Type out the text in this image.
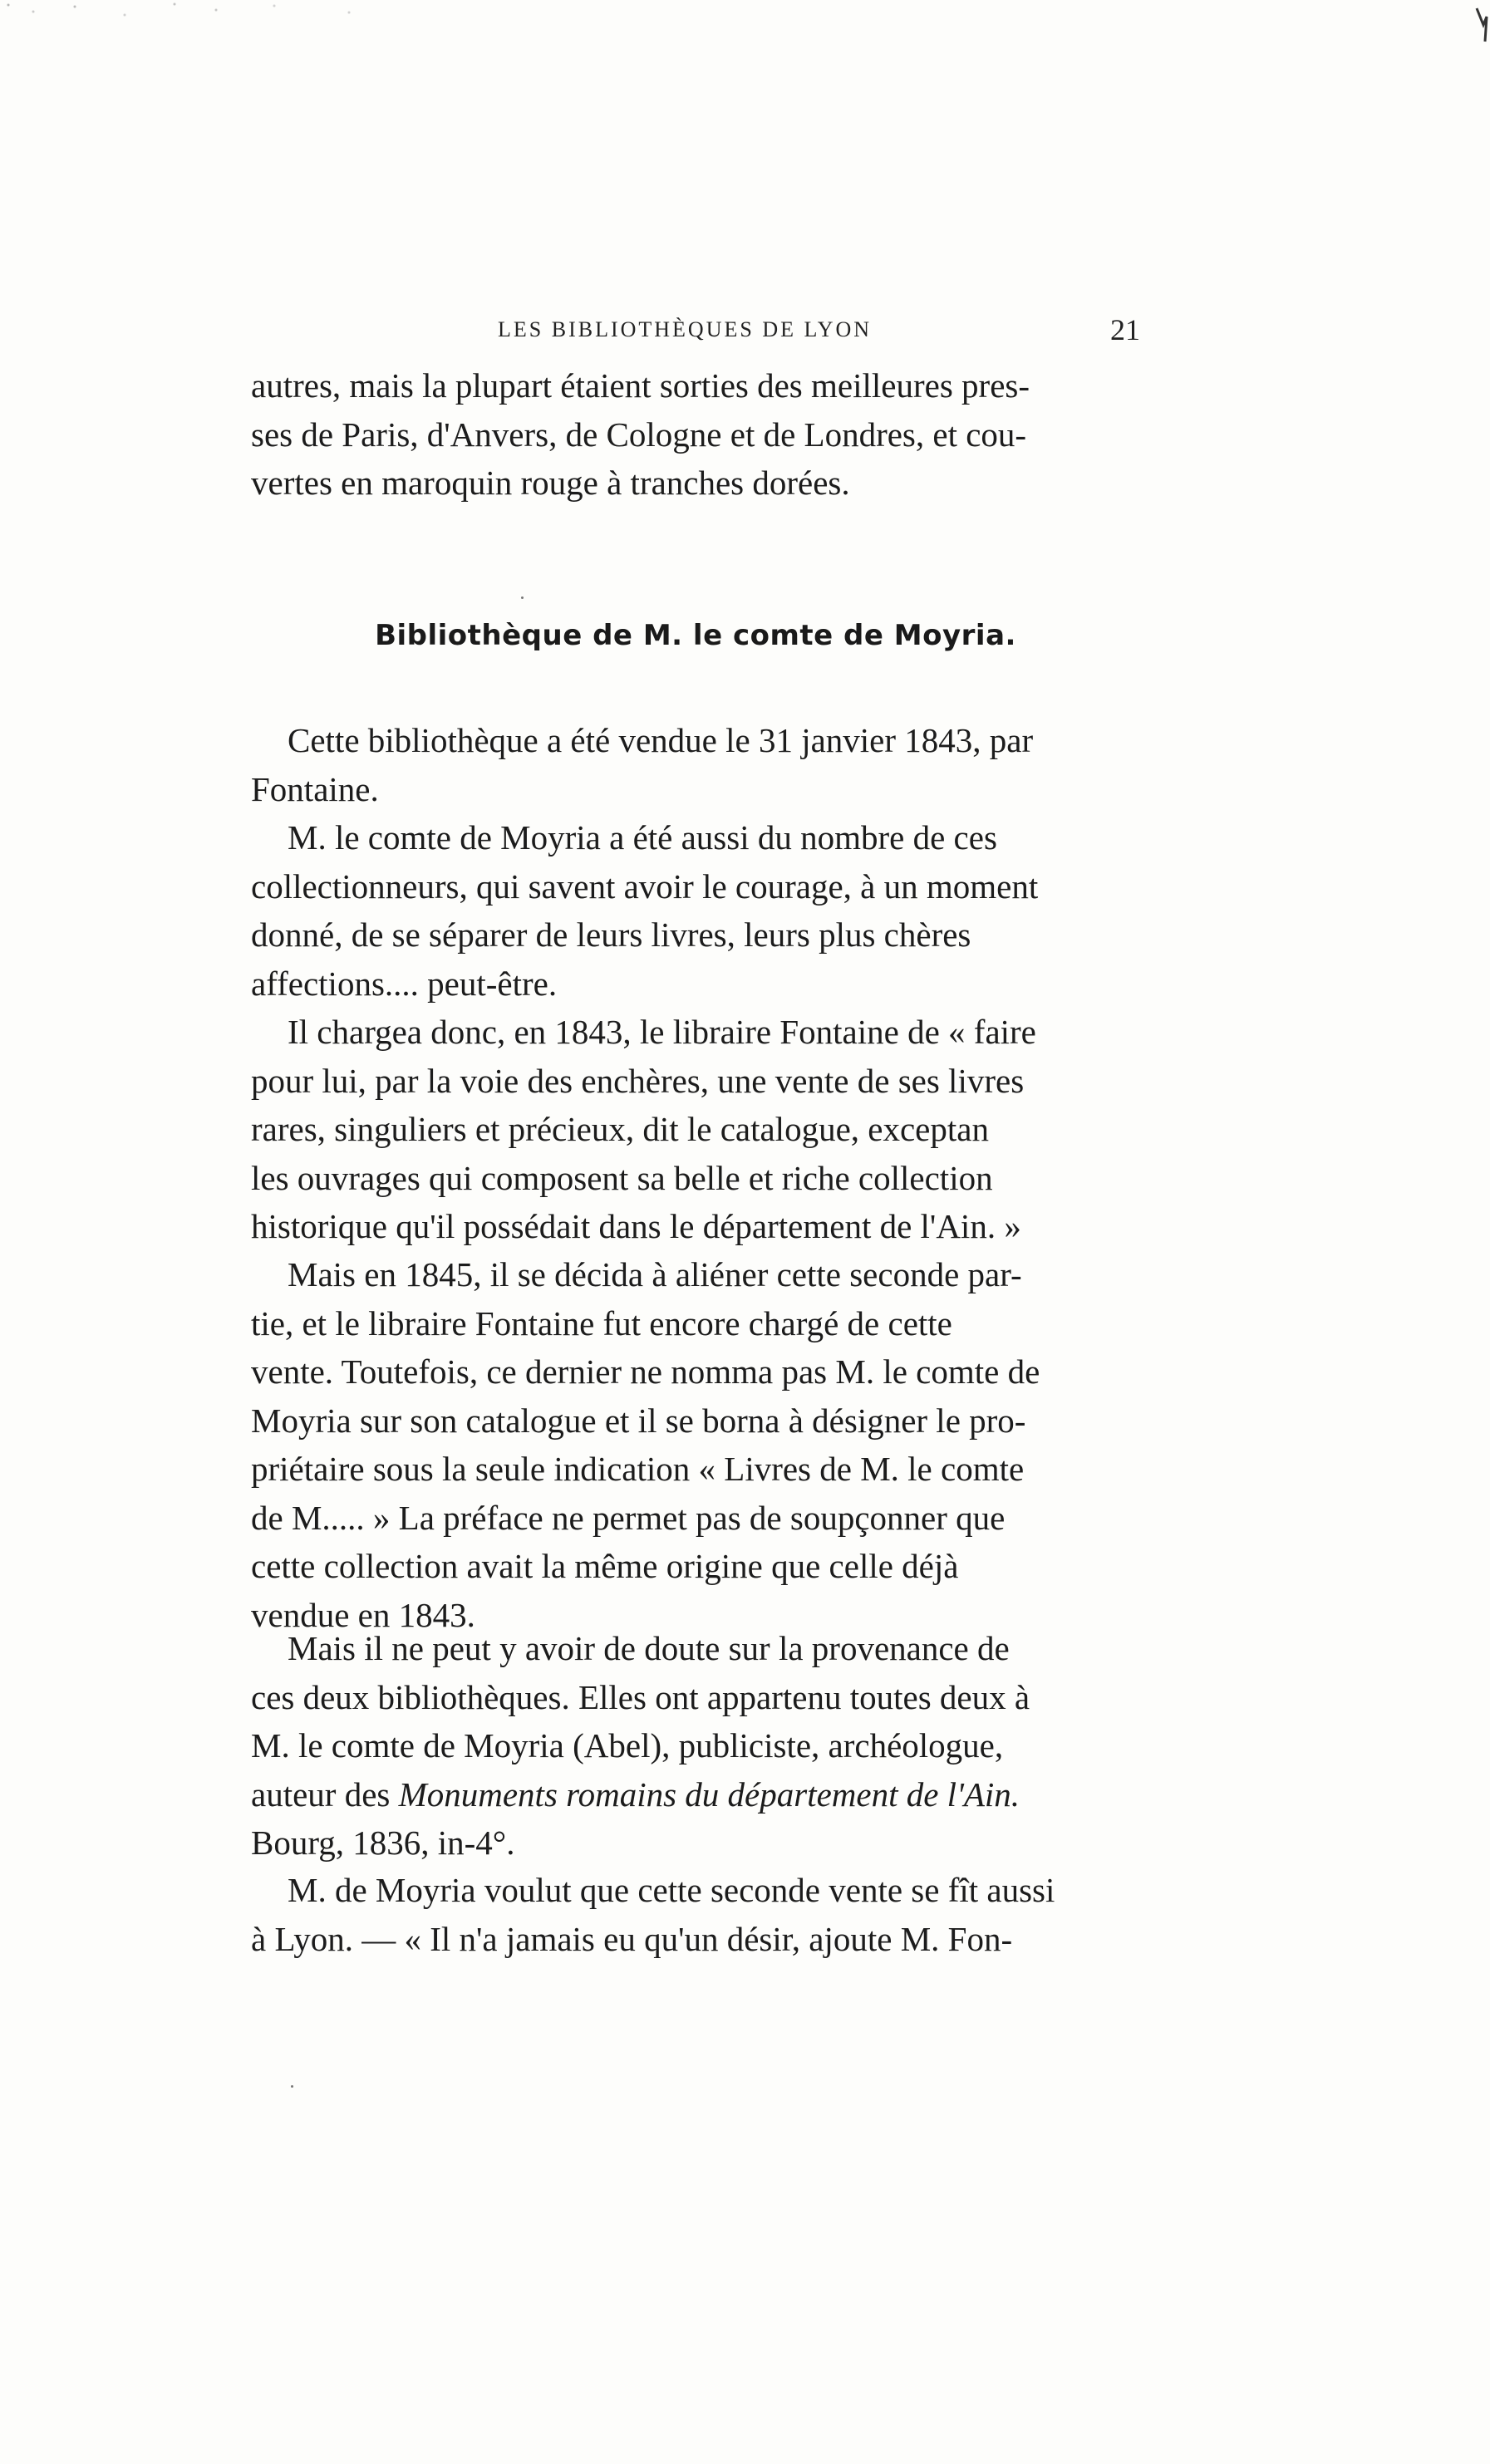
LES BIBLIOTHÈQUES DE LYON	21

autres, mais la plupart étaient sorties des meilleures pres-

ses de Paris, d'Anvers, de Cologne et de Londres, et cou-

vertes en maroquin rouge à tranches dorées.

Bibliothèque de M. le comte de Moyria.

Cette bibliothèque a été vendue le 31 janvier 1843, par

Fontaine.

M. le comte de Moyria a été aussi du nombre de ces

collectionneurs, qui savent avoir le courage, à un moment

donné, de se séparer de leurs livres, leurs plus chères

affections.... peut-être.

Il chargea donc, en 1843, le libraire Fontaine de « faire

pour lui, par la voie des enchères, une vente de ses livres

rares, singuliers et précieux, dit le catalogue, exceptan

les ouvrages qui composent sa belle et riche collection

historique qu'il possédait dans le département de l'Ain. »

Mais en 1845, il se décida à aliéner cette seconde par-

tie, et le libraire Fontaine fut encore chargé de cette

vente. Toutefois, ce dernier ne nomma pas M. le comte de

Moyria sur son catalogue et il se borna à désigner le pro-

priétaire sous la seule indication « Livres de M. le comte

de M..... » La préface ne permet pas de soupçonner que

cette collection avait la même origine que celle déjà

vendue en 1843.

Mais il ne peut y avoir de doute sur la provenance de

ces deux bibliothèques. Elles ont appartenu toutes deux à

M. le comte de Moyria (Abel), publiciste, archéologue,

auteur des Monuments romains du département de l'Ain.

Bourg, 1836, in-4°.

M. de Moyria voulut que cette seconde vente se fît aussi

à Lyon. — « Il n'a jamais eu qu'un désir, ajoute M. Fon-
